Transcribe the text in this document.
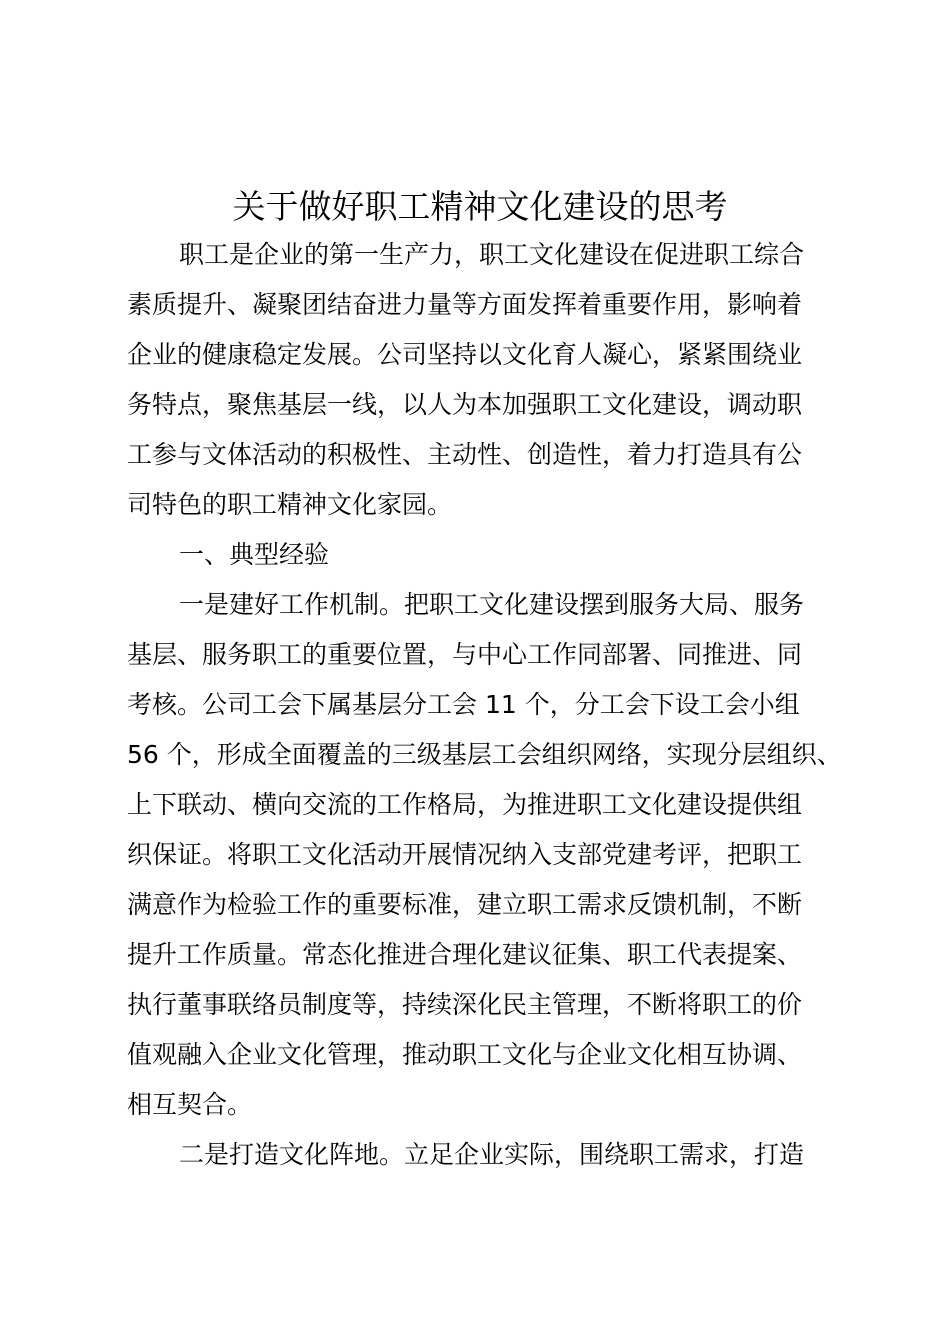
关于做好职工精神文化建设的思考

职工是企业的第一生产力，职工文化建设在促进职工综合
素质提升、凝聚团结奋进力量等方面发挥着重要作用，影响着
企业的健康稳定发展。公司坚持以文化育人凝心，紧紧围绕业
务特点，聚焦基层一线，以人为本加强职工文化建设，调动职
工参与文体活动的积极性、主动性、创造性，着力打造具有公
司特色的职工精神文化家园。

一、典型经验

一是建好工作机制。把职工文化建设摆到服务大局、服务
基层、服务职工的重要位置，与中心工作同部署、同推进、同
考核。公司工会下属基层分工会 11 个，分工会下设工会小组
56 个，形成全面覆盖的三级基层工会组织网络，实现分层组织、
上下联动、横向交流的工作格局，为推进职工文化建设提供组
织保证。将职工文化活动开展情况纳入支部党建考评，把职工
满意作为检验工作的重要标准，建立职工需求反馈机制，不断
提升工作质量。常态化推进合理化建议征集、职工代表提案、
执行董事联络员制度等，持续深化民主管理，不断将职工的价
值观融入企业文化管理，推动职工文化与企业文化相互协调、
相互契合。

二是打造文化阵地。立足企业实际，围绕职工需求，打造
